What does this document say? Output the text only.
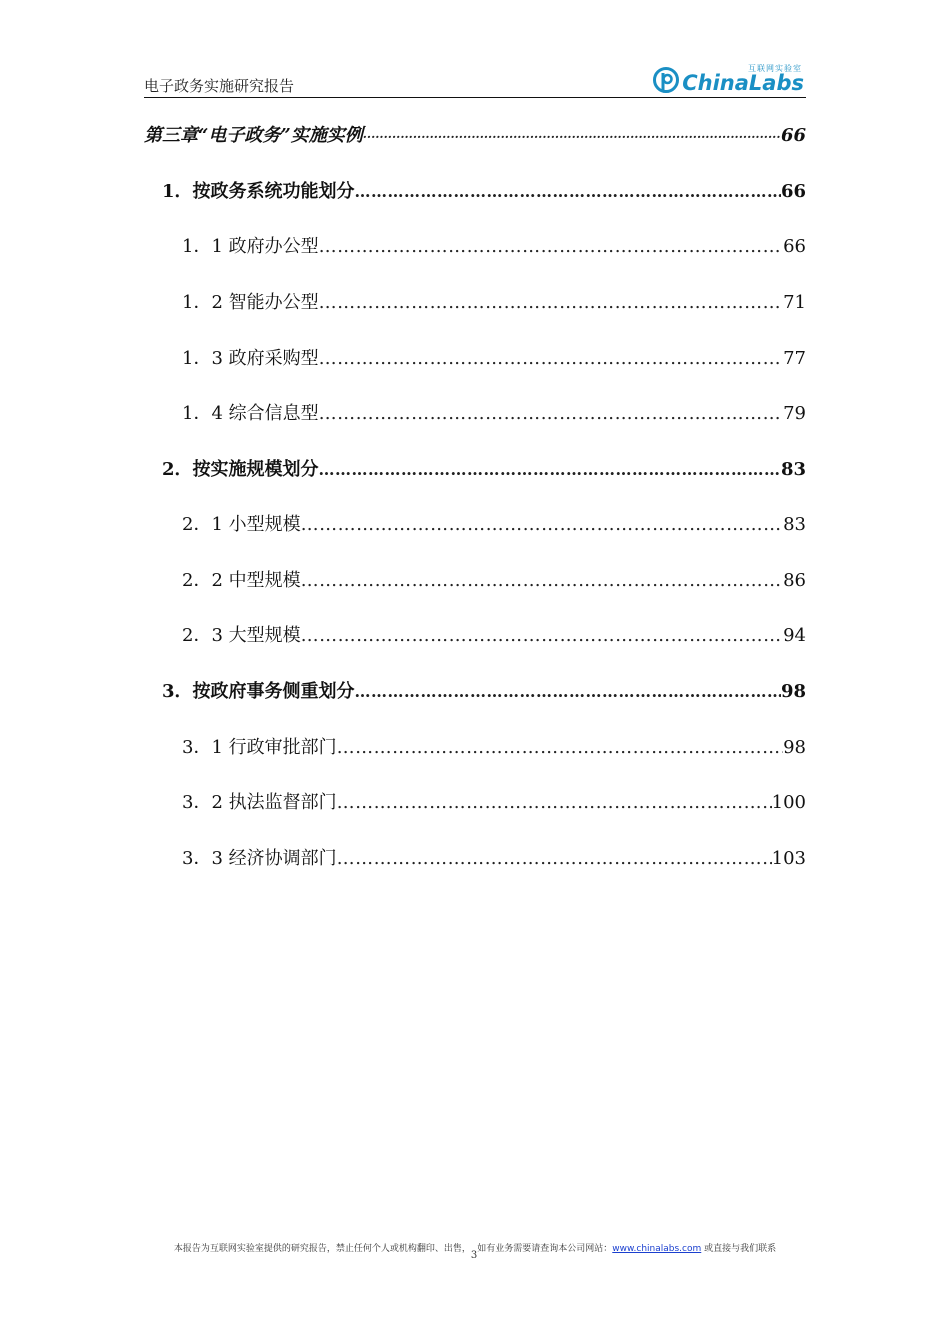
电子政务实施研究报告
互联网实验室
ChinaLabs
第三章“电子政务”实施实例 ·····	66
1．按政务系统功能划分 ………………………………………………………………………………………………………………………………………………………………………………………………………………	66
1．1 政府办公型 ………………………………………………………………………………………………………………………………………………………………………………………………………………	66
1．2 智能办公型 ………………………………………………………………………………………………………………………………………………………………………………………………………………	71
1．3 政府采购型 ………………………………………………………………………………………………………………………………………………………………………………………………………………	77
1．4 综合信息型 ………………………………………………………………………………………………………………………………………………………………………………………………………………	79
2．按实施规模划分 ………………………………………………………………………………………………………………………………………………………………………………………………………………	83
2．1 小型规模 ………………………………………………………………………………………………………………………………………………………………………………………………………………	83
2．2 中型规模 ………………………………………………………………………………………………………………………………………………………………………………………………………………	86
2．3 大型规模 ………………………………………………………………………………………………………………………………………………………………………………………………………………	94
3．按政府事务侧重划分 ………………………………………………………………………………………………………………………………………………………………………………………………………………	98
3．1 行政审批部门 ………………………………………………………………………………………………………………………………………………………………………………………………………………	98
3．2 执法监督部门 ………………………………………………………………………………………………………………………………………………………………………………………………………………	100
3．3 经济协调部门 ………………………………………………………………………………………………………………………………………………………………………………………………………………	103
本报告为互联网实验室提供的研究报告，禁止任何个人或机构翻印、出售，3如有业务需要请查询本公司网站：www.chinalabs.com 或直接与我们联系
